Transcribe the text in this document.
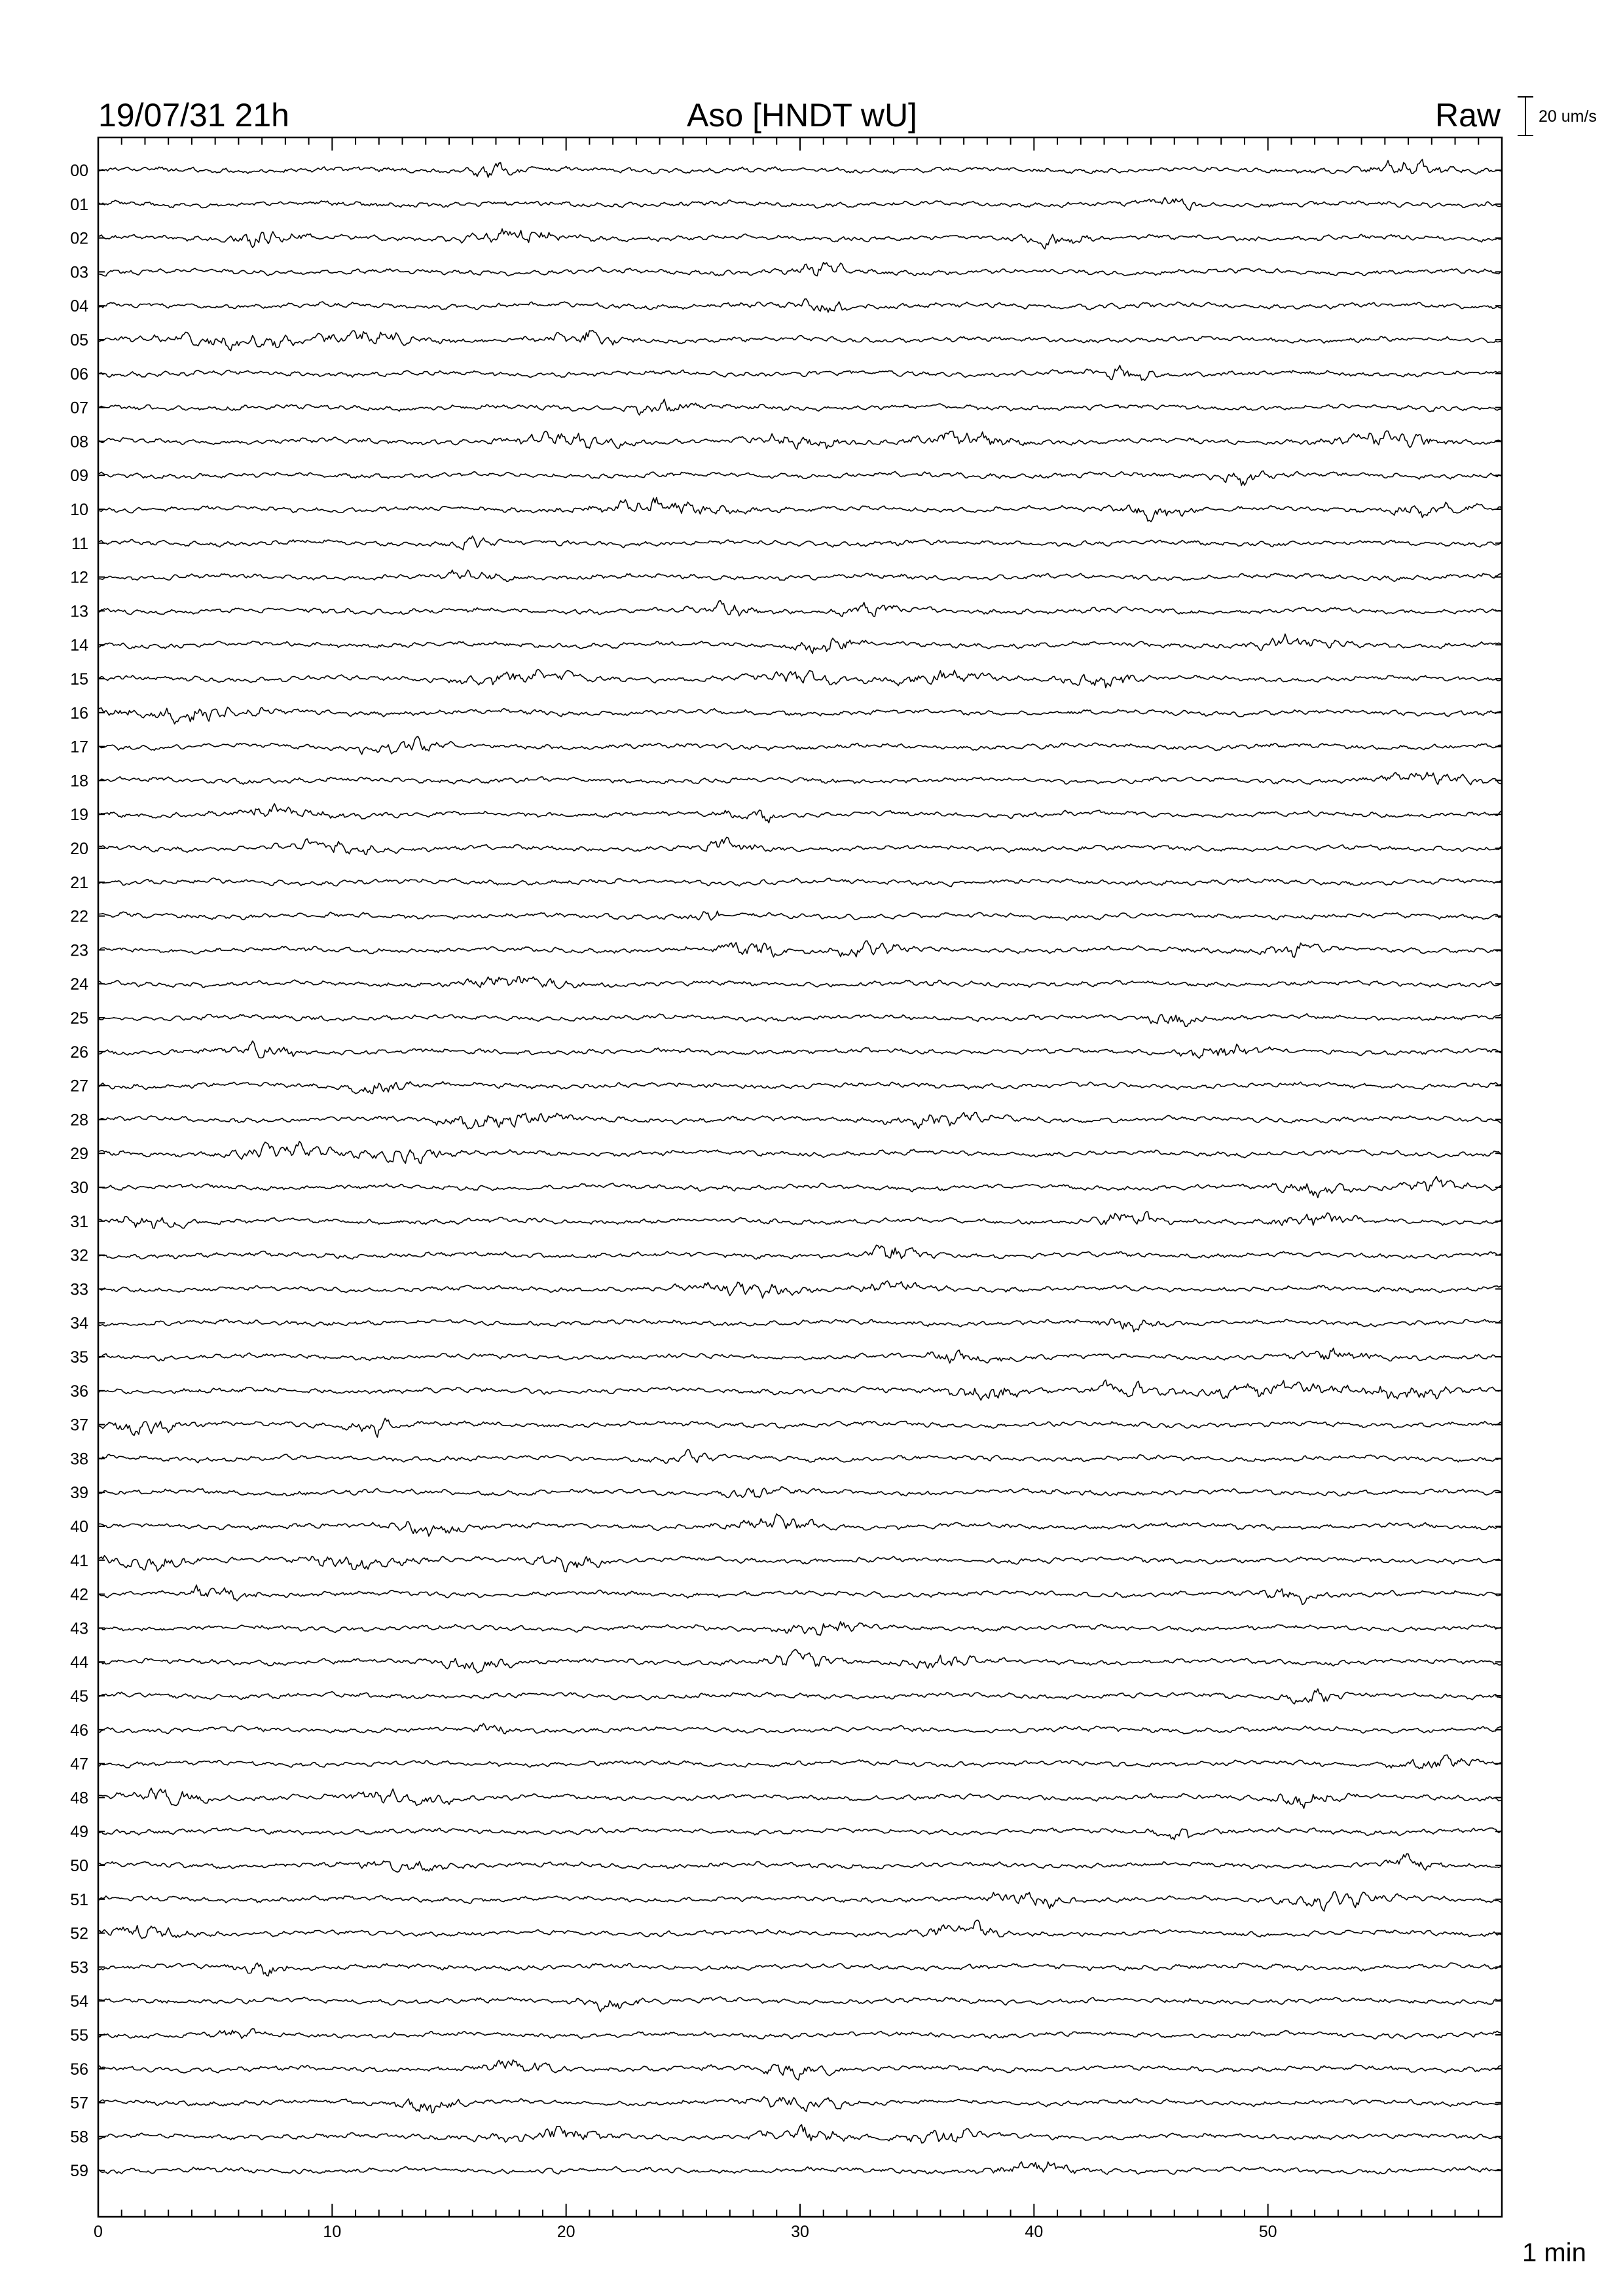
19/07/31 21h	Aso [HNDT wU]	Raw 20 um/s
00
01
02
03
04
05
06
07
08
09
10
11
12
13
14
15
16
17
18
19
20
21
22
23
24
25
26
27
28
29
30
31
32
33
34
35
36
37
38
39
40
41
42
43
44
45
46
47
48
49
50
51
52
53
54
55
56
57
58
59
0	10	20	30	40	50
1 min
